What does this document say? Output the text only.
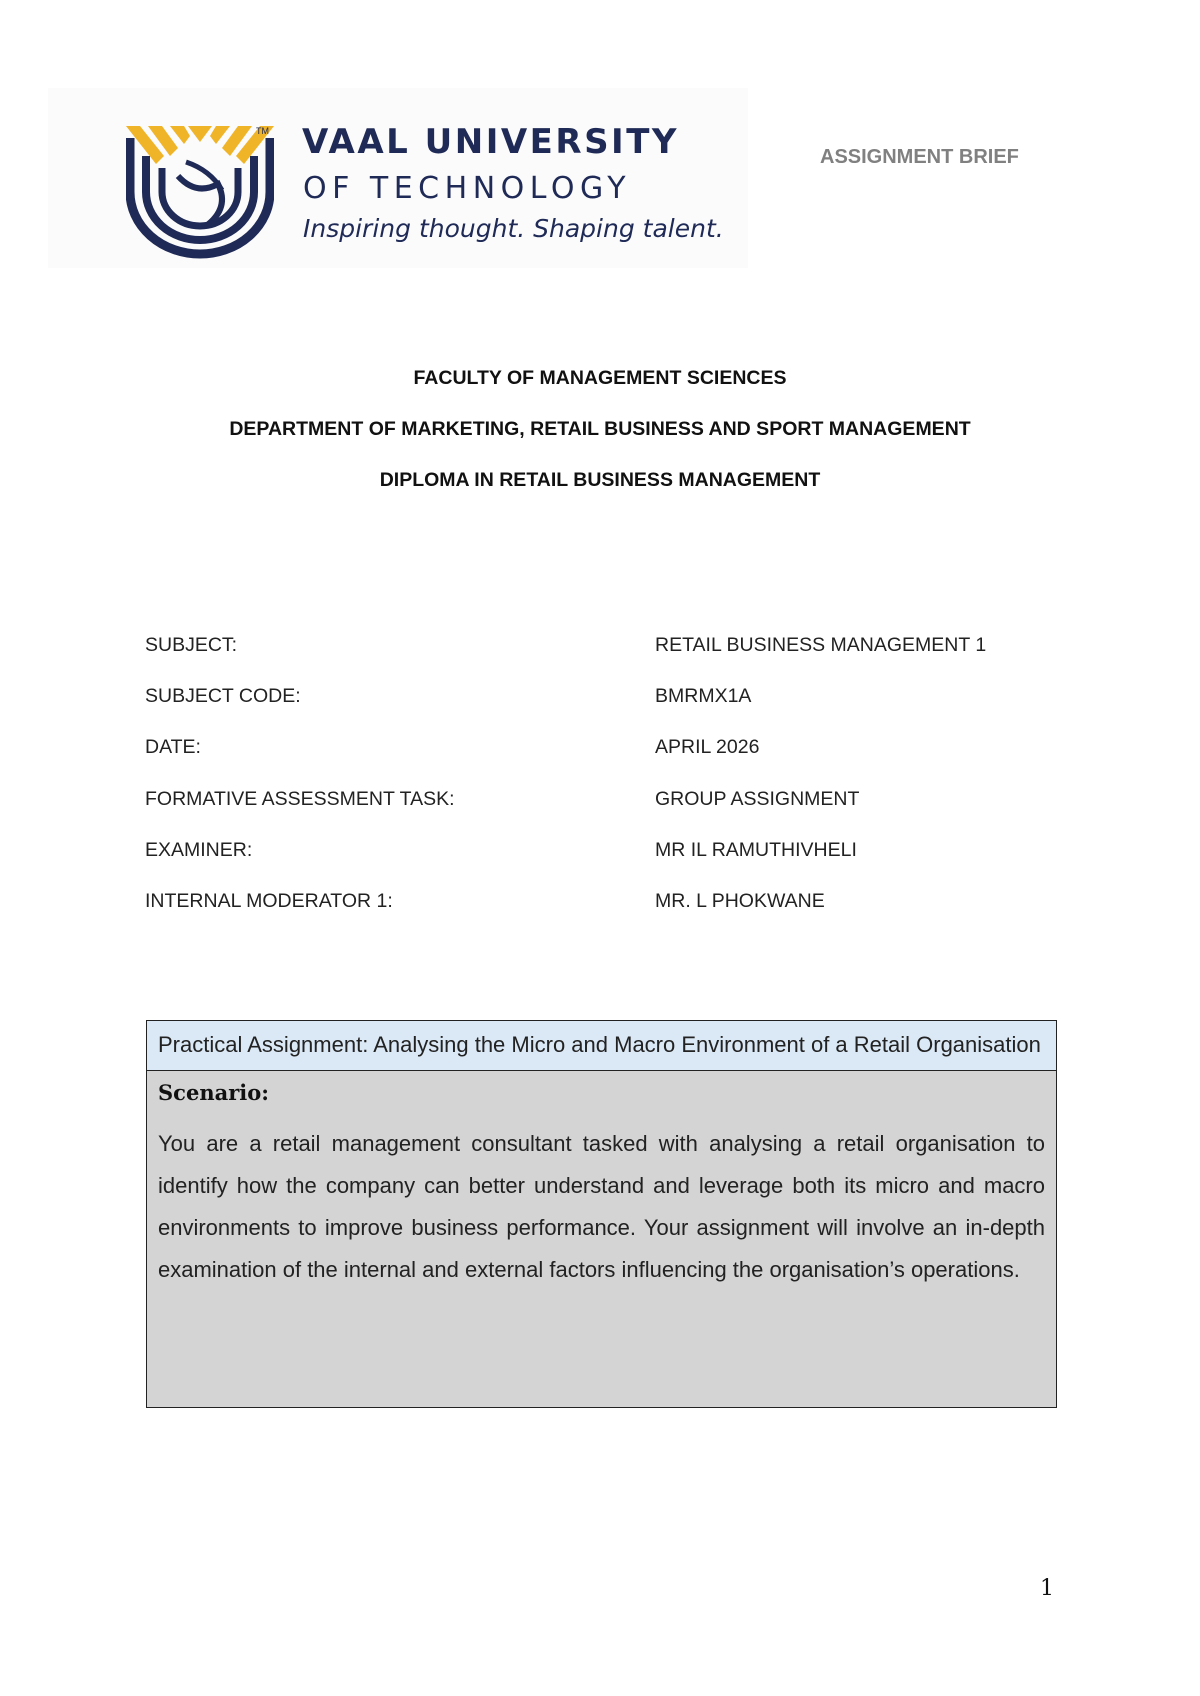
TM VAAL UNIVERSITY
OF TECHNOLOGY
Inspiring thought. Shaping talent.
ASSIGNMENT BRIEF
FACULTY OF MANAGEMENT SCIENCES
DEPARTMENT OF MARKETING, RETAIL BUSINESS AND SPORT MANAGEMENT
DIPLOMA IN RETAIL BUSINESS MANAGEMENT
SUBJECT:	RETAIL BUSINESS MANAGEMENT 1
SUBJECT CODE:	BMRMX1A
DATE:	APRIL 2026
FORMATIVE ASSESSMENT TASK:	GROUP ASSIGNMENT
EXAMINER:	MR IL RAMUTHIVHELI
INTERNAL MODERATOR 1:	MR. L PHOKWANE
Practical Assignment: Analysing the Micro and Macro Environment of a Retail Organisation
Scenario:
You are a retail management consultant tasked with analysing a retail organisation to identify how the company can better understand and leverage both its micro and macro environments to improve business performance. Your assignment will involve an in-depth examination of the internal and external factors influencing the organisation’s operations.
1
